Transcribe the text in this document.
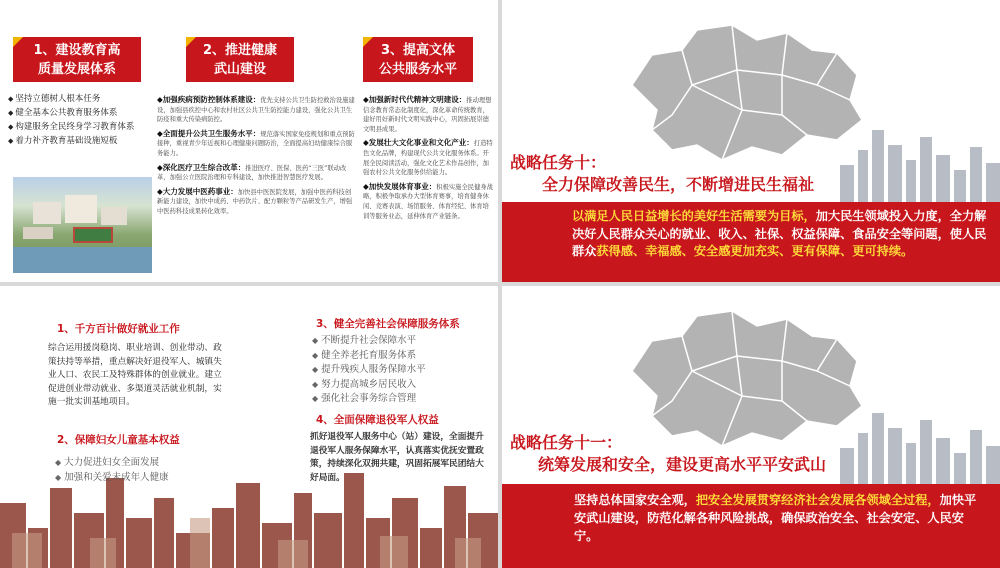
1、建设教育高
质量发展体系
2、推进健康
武山建设
3、提高文体
公共服务水平
◆ 坚持立德树人根本任务
◆ 健全基本公共教育服务体系
◆ 构建服务全民终身学习教育体系
◆ 着力补齐教育基础设施短板

◆加强疾病预防控制体系建设：优先支持公共卫生防控救治设施建设，加强县疾控中心和农村社区公共卫生防控能力建设，强化公共卫生防疫和重大传染病防控。

◆全面提升公共卫生服务水平：规范落实国家免疫规划和重点预防接种，重视青少年近视和心理健康问题防治，全面提高妇幼健康综合服务能力。

◆深化医疗卫生综合改革：推进医疗、医保、医药“三医”联动改革，加强公立医院治理和专科建设，加快推进智慧医疗发展。

◆大力发展中医药事业：加快县中医医院发展，加强中医药科技创新能力建设，加快中成药、中药饮片、配方颗粒等产品研发生产，增强中医药科技成果转化效率。

◆加强新时代代精神文明建设：推动理想信念教育常态化制度化，深化革命传统教育，建好用好新时代文明实践中心，巩固拓展崇德文明县成果。

◆发展壮大文化事业和文化产业：打造特色文化品牌，构建现代公共文化服务体系。开展全民阅读活动，强化文化艺术作品创作，加强农村公共文化服务供给能力。

◆加快发展体育事业：积极实施全民健身战略，积极争取承办大型体育赛事，培育健身休闲、竞赛表演、场馆服务、体育经纪、体育培训等服务业态，延伸体育产业链条。

1、千方百计做好就业工作
综合运用援岗稳岗、职业培训、创业带动、政策扶持等举措，重点解决好退役军人、城镇失业人口、农民工及特殊群体的创业就业。建立促进创业带动就业、多渠道灵活就业机制，实施一批实训基地项目。
2、保障妇女儿童基本权益
◆ 大力促进妇女全面发展
◆ 加强和关爱未成年人健康
3、健全完善社会保障服务体系
◆ 不断提升社会保障水平
◆ 健全养老托育服务体系
◆ 提升残疾人服务保障水平
◆ 努力提高城乡居民收入
◆ 强化社会事务综合管理
4、全面保障退役军人权益
抓好退役军人服务中心（站）建设，全面提升退役军人服务保障水平，认真落实优抚安置政策，持续深化双拥共建，巩固拓展军民团结大好局面。
战略任务十：
全力保障改善民生，不断增进民生福祉
以满足人民日益增长的美好生活需要为目标，加大民生领域投入力度，全力解决好人民群众关心的就业、收入、社保、权益保障、食品安全等问题，使人民群众获得感、幸福感、安全感更加充实、更有保障、更可持续。
战略任务十一：
统筹发展和安全，建设更高水平平安武山
坚持总体国家安全观，把安全发展贯穿经济社会发展各领域全过程，加快平安武山建设，防范化解各种风险挑战，确保政治安全、社会安定、人民安宁。
